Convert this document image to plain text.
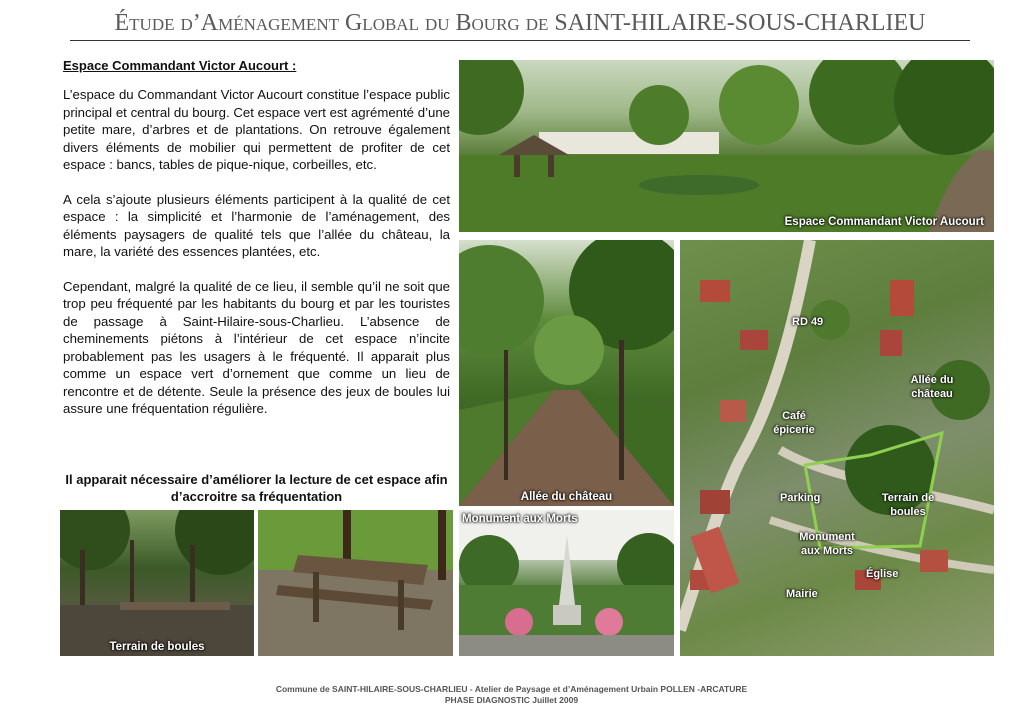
Étude d’Aménagement Global du Bourg de SAINT-HILAIRE-SOUS-CHARLIEU
Espace Commandant Victor Aucourt :

L’espace du Commandant Victor Aucourt constitue l’espace public principal et central du bourg. Cet espace vert est agrémenté d’une petite mare, d’arbres et de plantations. On retrouve également divers éléments de mobilier qui permettent de profiter de cet espace : bancs, tables de pique-nique, corbeilles, etc.

A cela s’ajoute plusieurs éléments participent à la qualité de cet espace : la simplicité et l’harmonie de l’aménagement, des éléments paysagers de qualité tels que l’allée du château, la mare, la variété des essences plantées, etc.

Cependant, malgré la qualité de ce lieu, il semble qu’il ne soit que trop peu fréquenté par les habitants du bourg et par les touristes de passage à Saint-Hilaire-sous-Charlieu. L’absence de cheminements piétons à l’intérieur de cet espace n’incite probablement pas les usagers à le fréquenté. Il apparait plus comme un espace vert d’ornement que comme un lieu de rencontre et de détente. Seule la présence des jeux de boules lui assure une fréquentation régulière.

Il apparait nécessaire d’améliorer la lecture de cet espace afin d’accroitre sa fréquentation
Espace Commandant Victor Aucourt
Allée du château
Terrain de boules
Monument aux Morts
RD 49
Allée du château
Café épicerie
Parking	Terrain de boules
Monument aux Morts
Église
Mairie
Commune de SAINT-HILAIRE-SOUS-CHARLIEU - Atelier de Paysage et d’Aménagement Urbain POLLEN -ARCATURE
PHASE DIAGNOSTIC Juillet 2009
